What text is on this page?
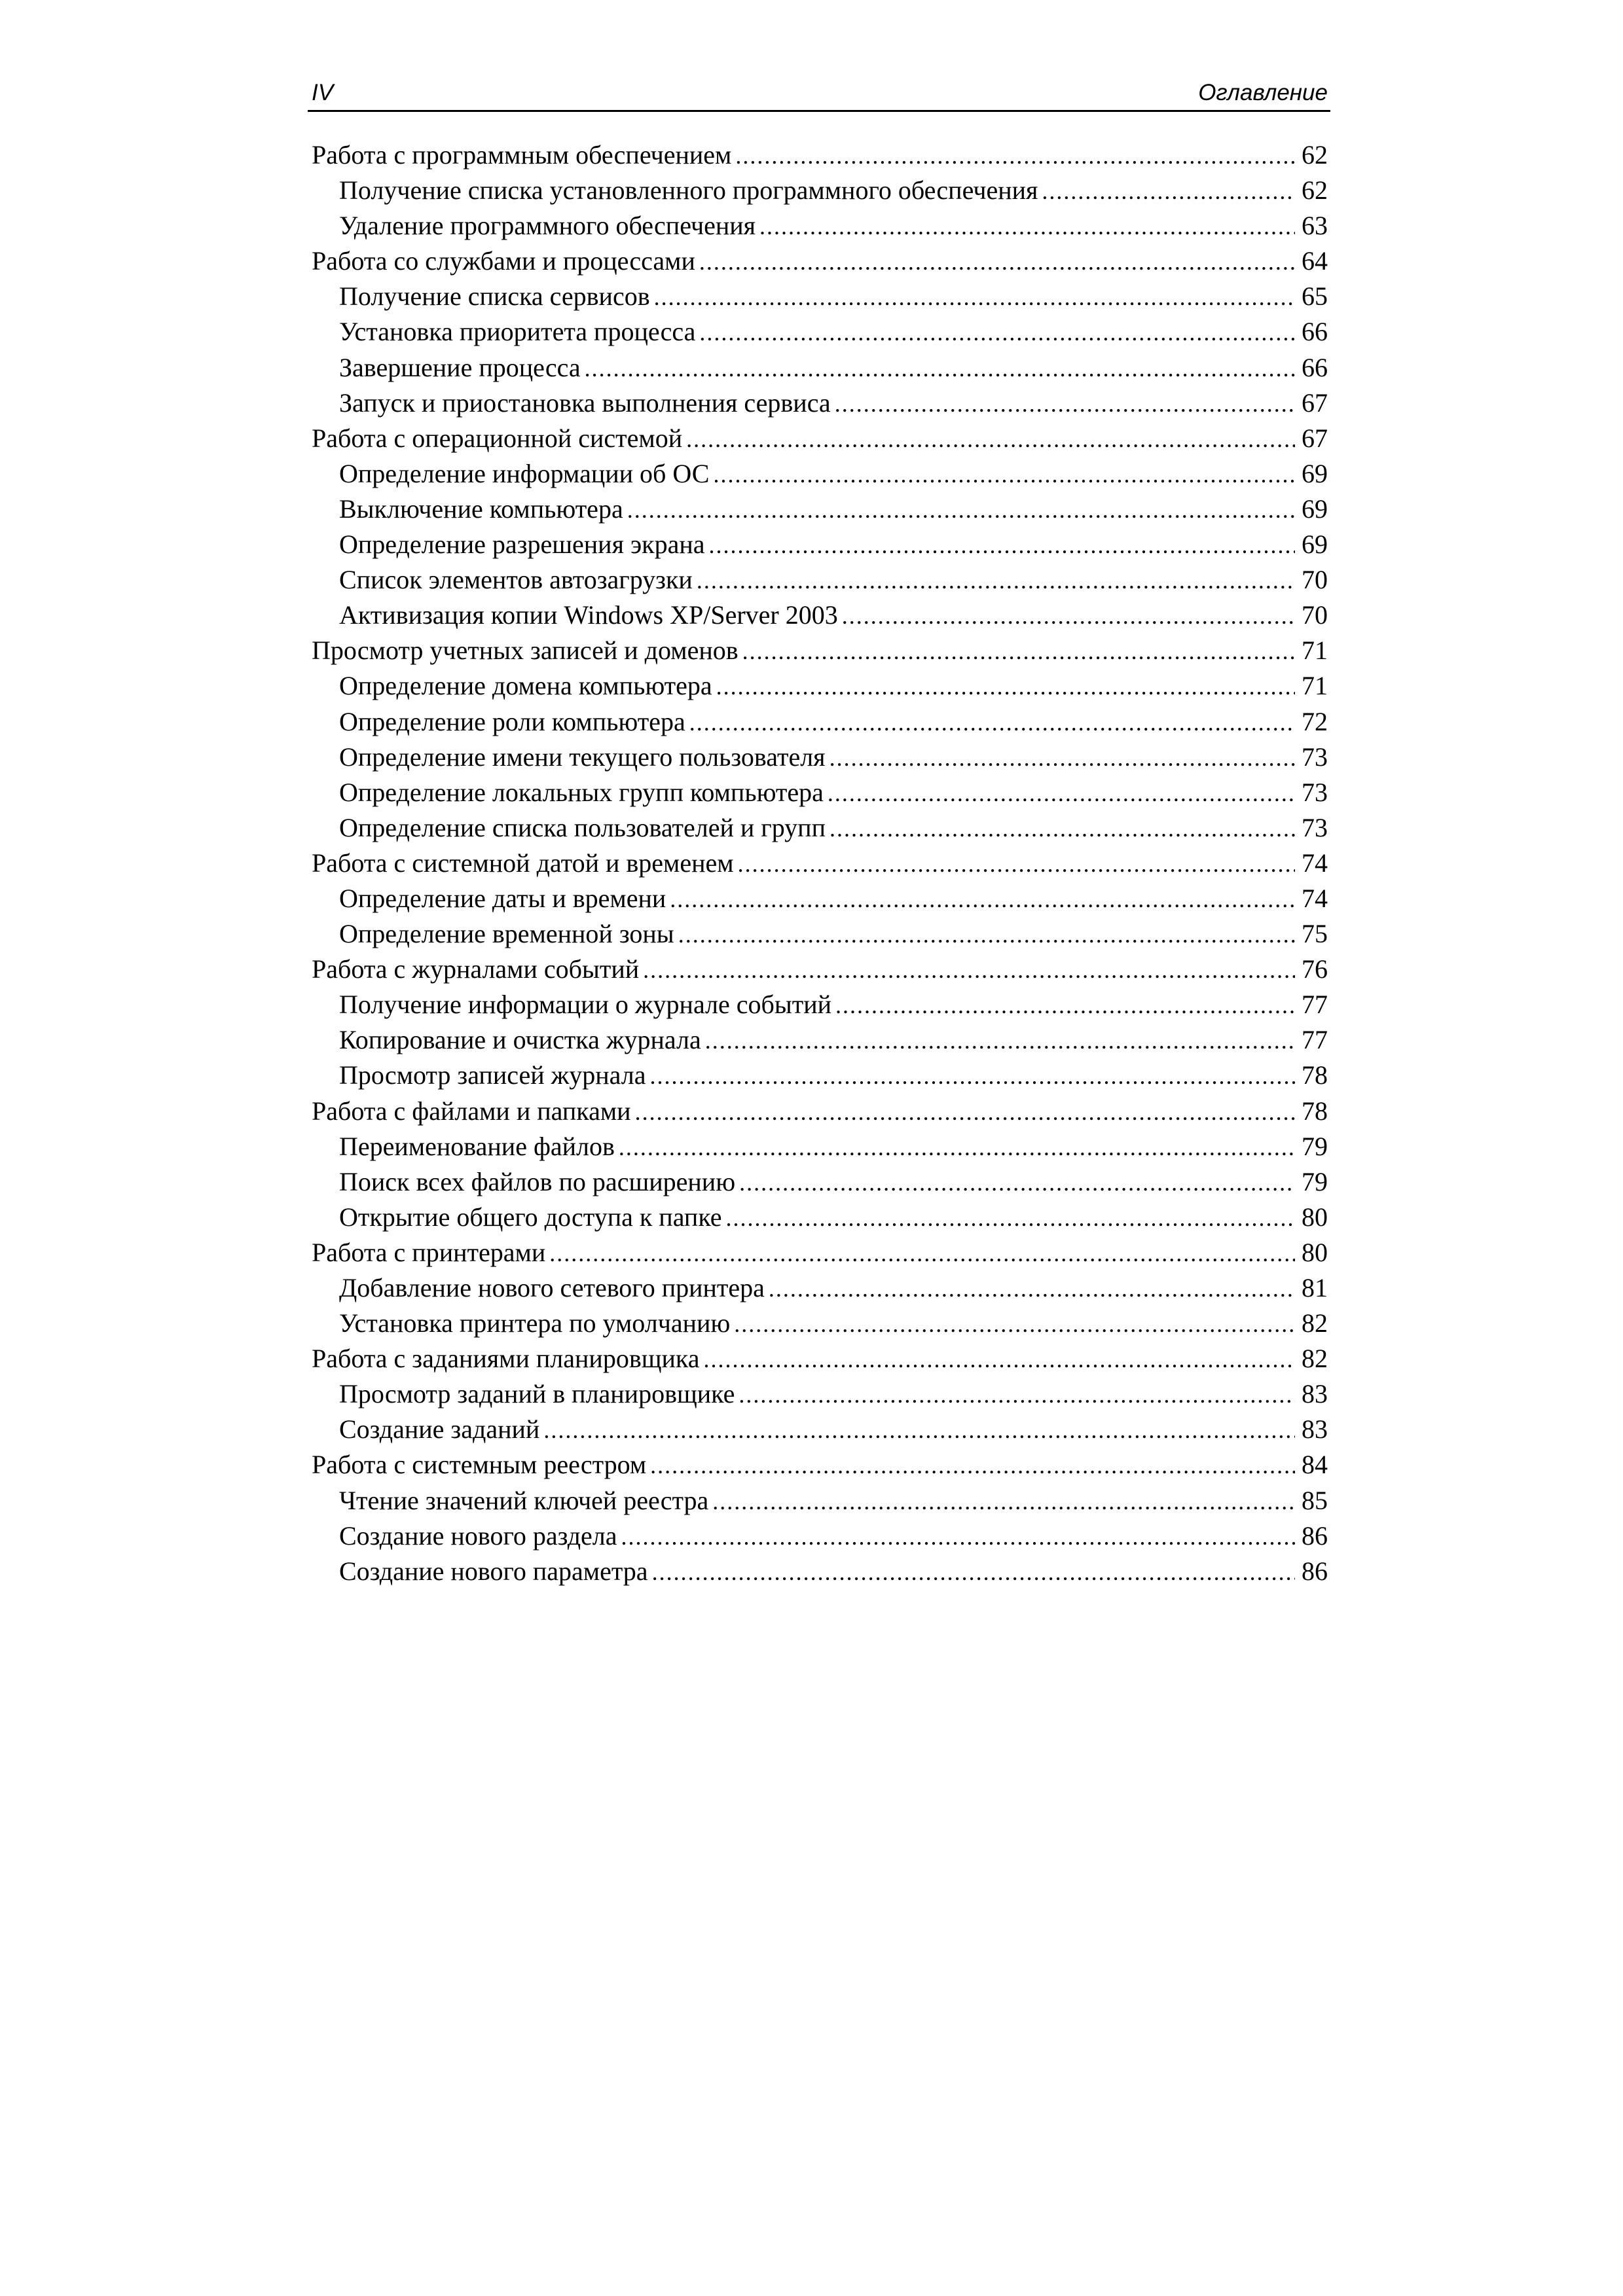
IV	Оглавление
Работа с программным обеспечением .....	62
Получение списка установленного программного обеспечения .....	62
Удаление программного обеспечения .....	63
Работа со службами и процессами .....	64
Получение списка сервисов .....	65
Установка приоритета процесса .....	66
Завершение процесса .....	66
Запуск и приостановка выполнения сервиса .....	67
Работа с операционной системой .....	67
Определение информации об ОС .....	69
Выключение компьютера .....	69
Определение разрешения экрана .....	69
Список элементов автозагрузки .....	70
Активизация копии Windows XP/Server 2003 .....	70
Просмотр учетных записей и доменов .....	71
Определение домена компьютера .....	71
Определение роли компьютера .....	72
Определение имени текущего пользователя .....	73
Определение локальных групп компьютера .....	73
Определение списка пользователей и групп .....	73
Работа с системной датой и временем .....	74
Определение даты и времени .....	74
Определение временной зоны .....	75
Работа с журналами событий .....	76
Получение информации о журнале событий .....	77
Копирование и очистка журнала .....	77
Просмотр записей журнала .....	78
Работа с файлами и папками .....	78
Переименование файлов .....	79
Поиск всех файлов по расширению .....	79
Открытие общего доступа к папке .....	80
Работа с принтерами .....	80
Добавление нового сетевого принтера .....	81
Установка принтера по умолчанию .....	82
Работа с заданиями планировщика .....	82
Просмотр заданий в планировщике .....	83
Создание заданий .....	83
Работа с системным реестром .....	84
Чтение значений ключей реестра .....	85
Создание нового раздела .....	86
Создание нового параметра .....	86
